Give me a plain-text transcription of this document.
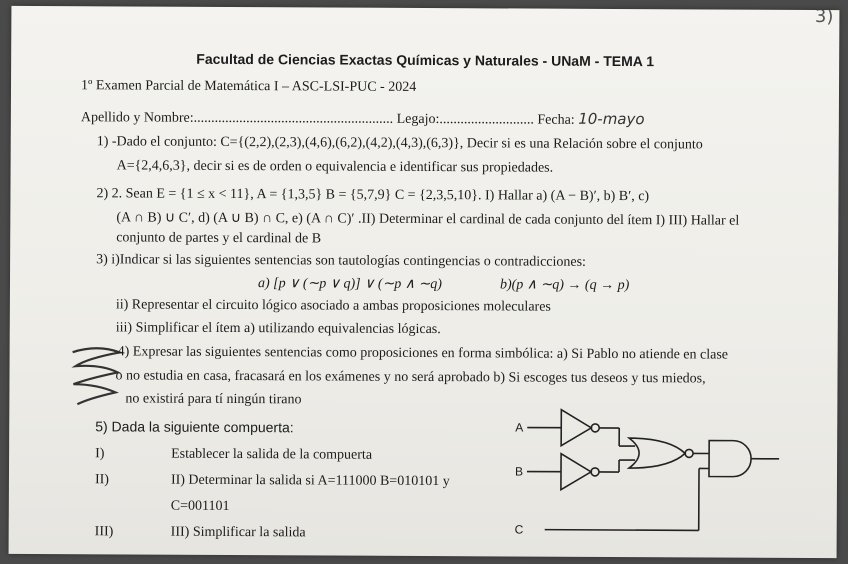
3)
Facultad de Ciencias Exactas Químicas y Naturales - UNaM - TEMA 1
1º Examen Parcial de Matemática I – ASC-LSI-PUC - 2024
Apellido y Nombre:......................................................... Legajo:........................... Fecha: 10-mayo
1) -Dado el conjunto: C={(2,2),(2,3),(4,6),(6,2),(4,2),(4,3),(6,3)}, Decir si es una Relación sobre el conjunto
A={2,4,6,3}, decir si es de orden o equivalencia e identificar sus propiedades.
2) 2. Sean E = {1 ≤ x < 11}, A = {1,3,5} B = {5,7,9} C = {2,3,5,10}. I) Hallar a) (A − B)′, b) B′, c)
(A ∩ B) ∪ C′, d) (A ∪ B) ∩ C, e) (A ∩ C)′ .II) Determinar el cardinal de cada conjunto del ítem I) III) Hallar el
conjunto de partes y el cardinal de B
3) i)Indicar si las siguientes sentencias son tautologías contingencias o contradicciones:
a) [p ∨ (∼p ∨ q)] ∨ (∼p ∧ ∼q)	b)(p ∧ ∼q) → (q → p)
ii) Representar el circuito lógico asociado a ambas proposiciones moleculares
iii) Simplificar el ítem a) utilizando equivalencias lógicas.
4) Expresar las siguientes sentencias como proposiciones en forma simbólica: a) Si Pablo no atiende en clase
o no estudia en casa, fracasará en los exámenes y no será aprobado b) Si escoges tus deseos y tus miedos,
no existirá para tí ningún tirano
5) Dada la siguiente compuerta:
I)	Establecer la salida de la compuerta
II)	II) Determinar la salida si A=111000 B=010101 y
C=001101
III)	III) Simplificar la salida
A
B
C
